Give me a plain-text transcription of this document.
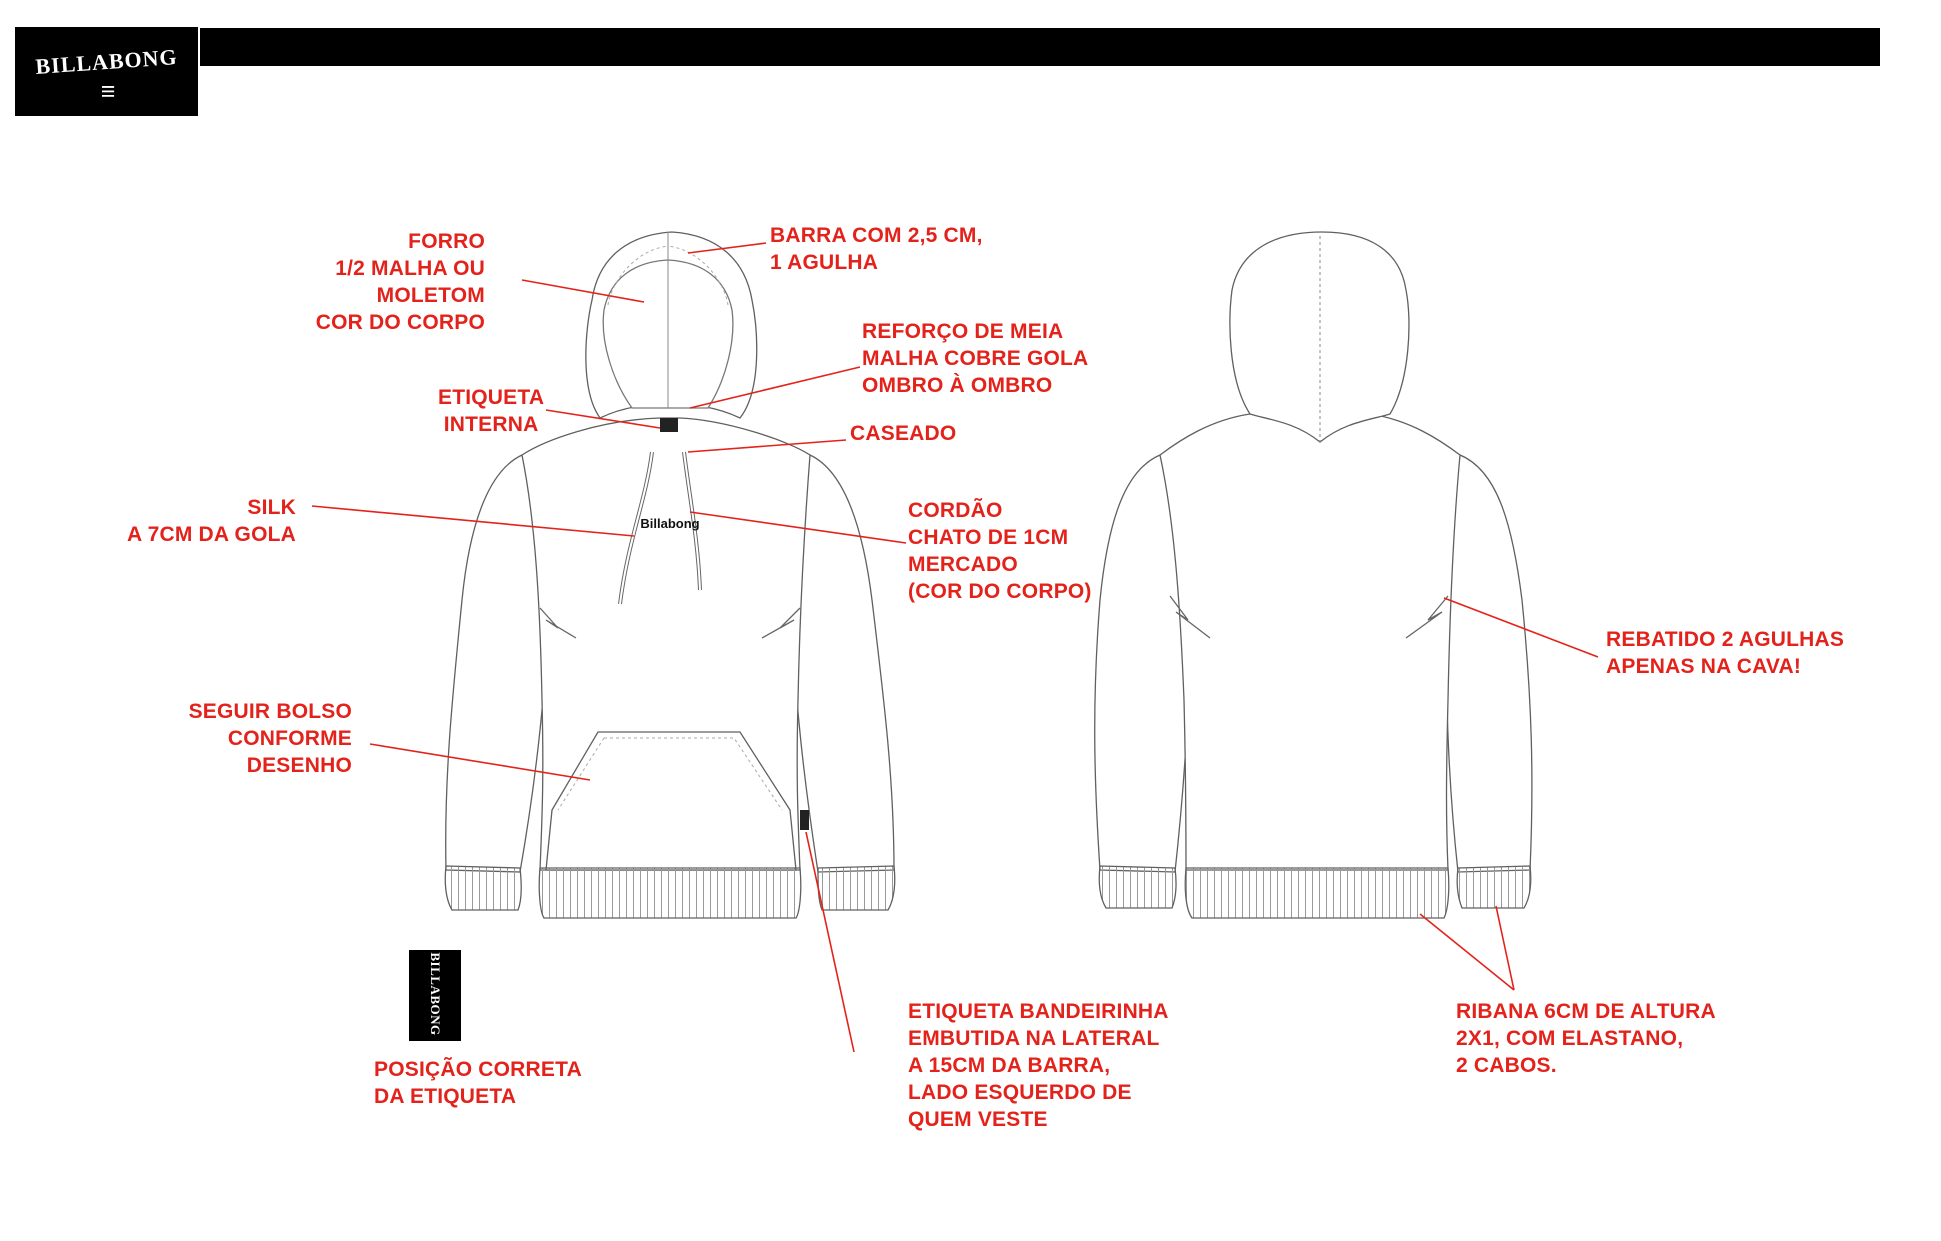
BILLABONG
≡
Billabong
FORRO
1/2 MALHA OU
MOLETOM
COR DO CORPO
BARRA COM 2,5 CM,
1 AGULHA
REFORÇO DE MEIA
MALHA COBRE GOLA
OMBRO À OMBRO
ETIQUETA
INTERNA	CASEADO
SILK
A 7CM DA GOLA
CORDÃO
CHATO DE 1CM
MERCADO
(COR DO CORPO)
SEGUIR BOLSO
CONFORME
DESENHO
REBATIDO 2 AGULHAS
APENAS NA CAVA!
ETIQUETA BANDEIRINHA
EMBUTIDA NA LATERAL
A 15CM DA BARRA,
LADO ESQUERDO DE
QUEM VESTE
RIBANA 6CM DE ALTURA
2X1, COM ELASTANO,
2 CABOS.
POSIÇÃO CORRETA
DA ETIQUETA
BILLABONG
